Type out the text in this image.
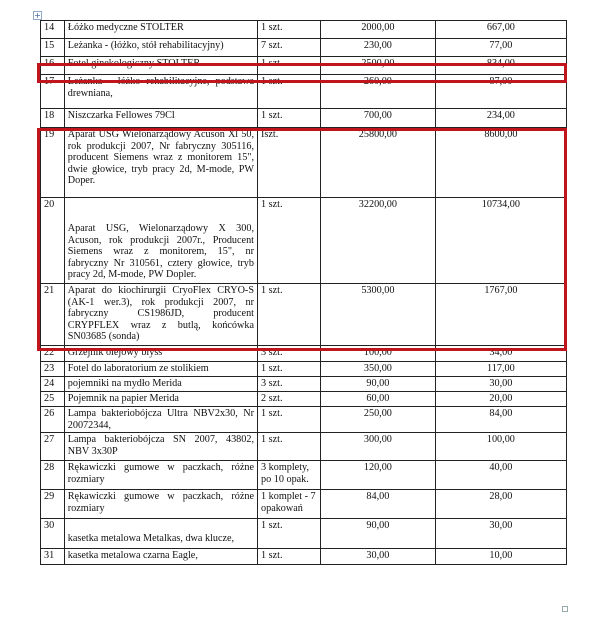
+
14	Łóżko medyczne STOLTER	1 szt.	2000,00	667,00
15	Leżanka - (łóżko, stół rehabilitacyjny)	7 szt.	230,00	77,00
16	Fotel ginekologiczny STOLTER	1 szt.	2500,00	834,00
17	Leżanka - łóżko rehabilitacyjne, podstawa drewniana,	1 szt.	260,00	87,00
18	Niszczarka Fellowes 79Cl	1 szt.	700,00	234,00
19	Aparat USG Wielonarządowy Acuson Xl 50, rok produkcji 2007, Nr fabryczny 305116, producent Siemens wraz z monitorem 15", dwie głowice, tryb pracy 2d, M-mode, PW Doper.	Iszt.	25800,00	8600,00
20	Aparat USG, Wielonarządowy X 300, Acuson, rok produkcji 2007r., Producent Siemens wraz z monitorem, 15", nr fabryczny Nr 310561, cztery głowice, tryb pracy 2d, M-mode, PW Dopler.	1 szt.	32200,00	10734,00
21	Aparat do kiochirurgii CryoFlex CRYO-S (AK-1 wer.3), rok produkcji 2007, nr fabryczny CS1986JD, producent CRYPFLEX wraz z butlą, końcówka SN03685 (sonda)	1 szt.	5300,00	1767,00
22	Grzejnik olejowy blyss	3 szt.	100,00	34,00
23	Fotel do laboratorium ze stolikiem	1 szt.	350,00	117,00
24	pojemniki na mydło Merida	3 szt.	90,00	30,00
25	Pojemnik na papier Merida	2 szt.	60,00	20,00
26	Lampa bakteriobójcza Ultra NBV2x30, Nr 20072344,	1 szt.	250,00	84,00
27	Lampa bakteriobójcza SN 2007, 43802, NBV 3x30P	1 szt.	300,00	100,00
28	Rękawiczki gumowe w paczkach, różne rozmiary	3 komplety, po 10 opak.	120,00	40,00
29	Rękawiczki gumowe w paczkach, różne rozmiary	1 komplet - 7 opakowań	84,00	28,00
30	kasetka metalowa Metalkas, dwa klucze,	1 szt.	90,00	30,00
31	kasetka metalowa czarna Eagle,	1 szt.	30,00	10,00
